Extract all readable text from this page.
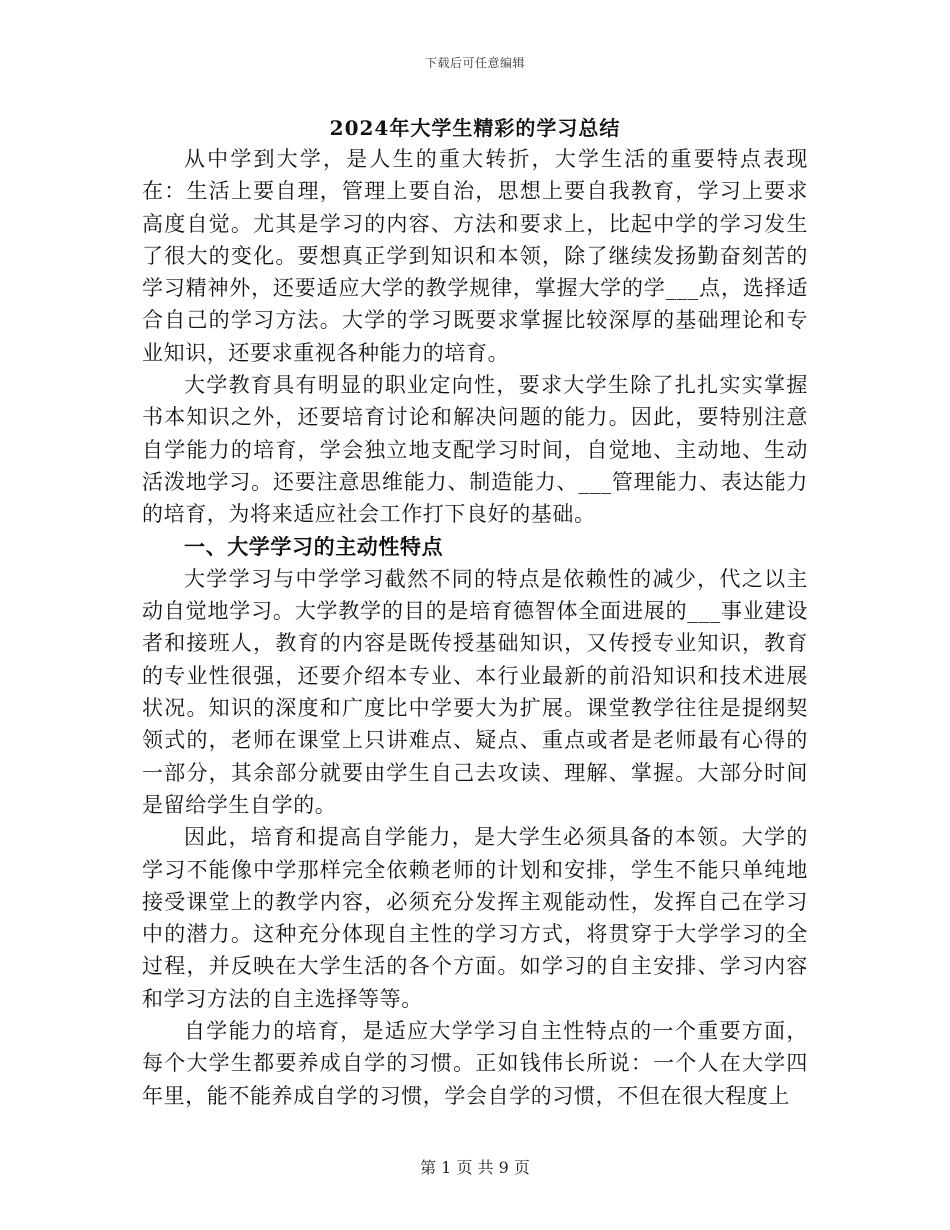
下载后可任意编辑
2024年大学生精彩的学习总结

从中学到大学，是人生的重大转折，大学生活的重要特点表现在：生活上要自理，管理上要自治，思想上要自我教育，学习上要求高度自觉。尤其是学习的内容、方法和要求上，比起中学的学习发生了很大的变化。要想真正学到知识和本领，除了继续发扬勤奋刻苦的学习精神外，还要适应大学的教学规律，掌握大学的学___点，选择适合自己的学习方法。大学的学习既要求掌握比较深厚的基础理论和专业知识，还要求重视各种能力的培育。

大学教育具有明显的职业定向性，要求大学生除了扎扎实实掌握书本知识之外，还要培育讨论和解决问题的能力。因此，要特别注意自学能力的培育，学会独立地支配学习时间，自觉地、主动地、生动活泼地学习。还要注意思维能力、制造能力、___管理能力、表达能力的培育，为将来适应社会工作打下良好的基础。

一、大学学习的主动性特点

大学学习与中学学习截然不同的特点是依赖性的减少，代之以主动自觉地学习。大学教学的目的是培育德智体全面进展的___事业建设者和接班人，教育的内容是既传授基础知识，又传授专业知识，教育的专业性很强，还要介绍本专业、本行业最新的前沿知识和技术进展状况。知识的深度和广度比中学要大为扩展。课堂教学往往是提纲契领式的，老师在课堂上只讲难点、疑点、重点或者是老师最有心得的一部分，其余部分就要由学生自己去攻读、理解、掌握。大部分时间是留给学生自学的。

因此，培育和提高自学能力，是大学生必须具备的本领。大学的学习不能像中学那样完全依赖老师的计划和安排，学生不能只单纯地接受课堂上的教学内容，必须充分发挥主观能动性，发挥自己在学习中的潜力。这种充分体现自主性的学习方式，将贯穿于大学学习的全过程，并反映在大学生活的各个方面。如学习的自主安排、学习内容和学习方法的自主选择等等。

自学能力的培育，是适应大学学习自主性特点的一个重要方面，每个大学生都要养成自学的习惯。正如钱伟长所说：一个人在大学四年里，能不能养成自学的习惯，学会自学的习惯，不但在很大程度上

第 1 页 共 9 页
